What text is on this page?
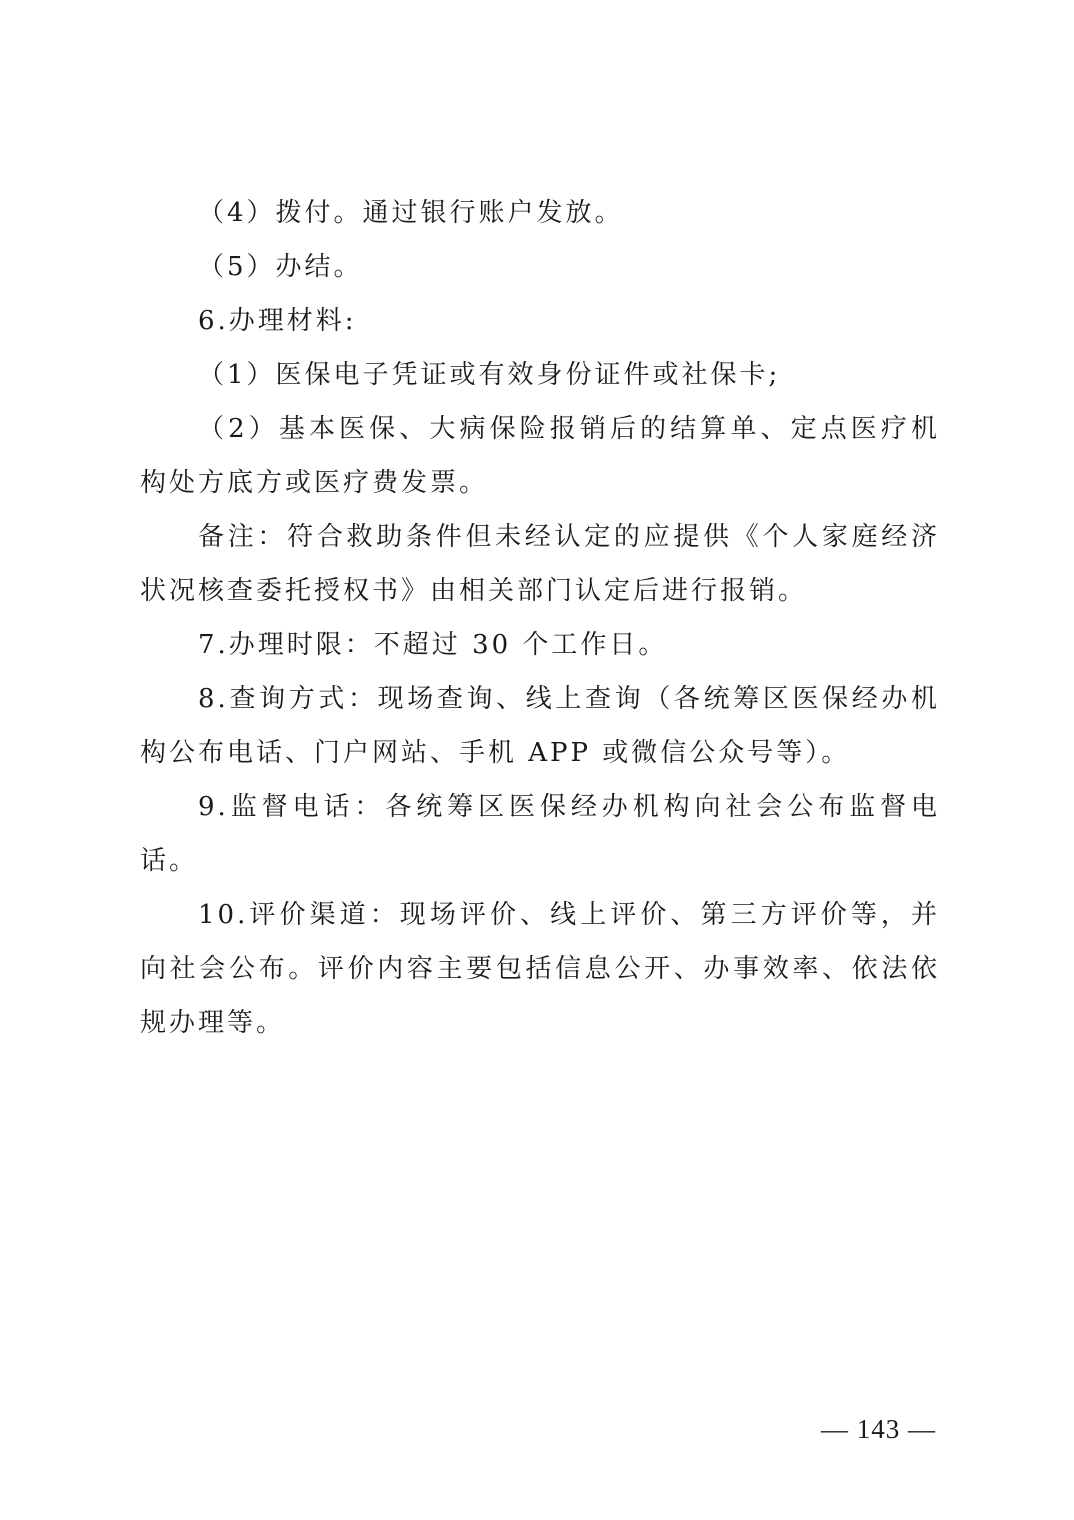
（4）拨付。通过银行账户发放。

（5）办结。

6.办理材料:

（1）医保电子凭证或有效身份证件或社保卡;

（2）基本医保、大病保险报销后的结算单、定点医疗机构处方底方或医疗费发票。

备注：符合救助条件但未经认定的应提供《个人家庭经济状况核查委托授权书》由相关部门认定后进行报销。

7.办理时限：不超过 30 个工作日。

8.查询方式：现场查询、线上查询（各统筹区医保经办机构公布电话、门户网站、手机 APP 或微信公众号等）。

9.监督电话：各统筹区医保经办机构向社会公布监督电话。

10.评价渠道：现场评价、线上评价、第三方评价等，并向社会公布。评价内容主要包括信息公开、办事效率、依法依规办理等。

— 143 —
